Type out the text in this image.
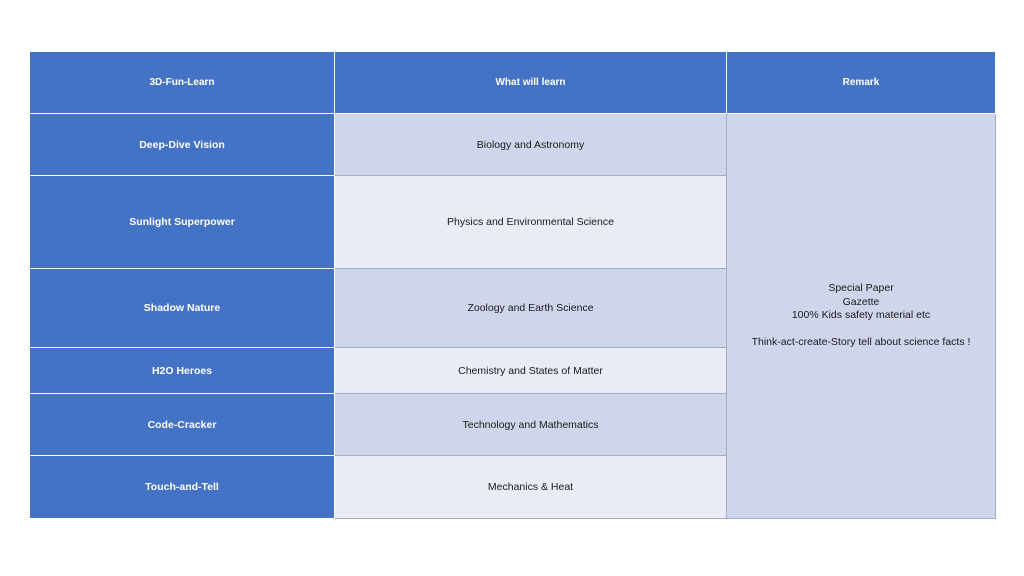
3D-Fun-Learn	What will learn	Remark
Deep-Dive Vision	Biology and Astronomy	Special Paper
Gazette
100% Kids safety material etc
Think-act-create-Story tell about science facts !

Sunlight Superpower	Physics and Environmental Science	
Shadow Nature	Zoology and Earth Science	
H2O Heroes	Chemistry and States of Matter	
Code-Cracker	Technology and Mathematics	
Touch-and-Tell	Mechanics & Heat	
